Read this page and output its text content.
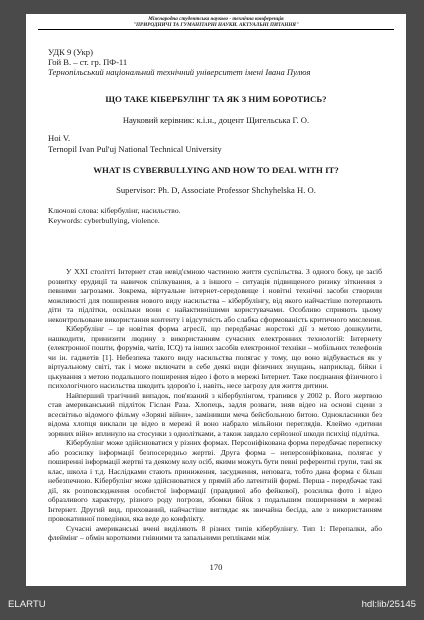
Міжнародна студентська науково - технічна конференція
"ПРИРОДНИЧІ ТА ГУМАНІТАРНІ НАУКИ. АКТУАЛЬНІ ПИТАННЯ"
УДК 9 (Укр)
Гой В. – ст. гр. ПФ-11
Тернопільський національний технічний університет імені Івана Пулюя
ЩО ТАКЕ КІБЕРБУЛІНГ ТА ЯК З НИМ БОРОТИСЬ?
Науковий керівник: к.і.н., доцент Щигельська Г. О.
Hoi V.
Ternopil Ivan Pul'uj National Technical University
WHAT IS CYBERBULLYING AND HOW TO DEAL WITH IT?
Supervisor: Ph. D, Associate Professor Shchyhelska H. O.
Ключові слова: кібербулінг, насильство.
Keywords: cyberbullying, violence.

У XXI столітті Інтернет став невід'ємною частиною життя суспільства. З одного боку, це засіб розвитку ерудиції та навичок спілкування, а з іншого – ситуація підвищеного ризику зіткнення з певними загрозами. Зокрема, віртуальне інтернет-середовище і новітні технічні засоби створили можливості для поширення нового виду насильства – кібербулінгу, від якого найчастіше потерпають діти та підлітки, оскільки вони є найактивнішими користувачами. Особливо сприяють цьому неконтрольоване використання контенту і відсутність або слабка сформованість критичного мислення.

Кібербулінг – це новітня форма агресії, що передбачає жорстокі дії з метою дошкулити, нашкодити, принизити людину з використанням сучасних електронних технологій: Інтернету (електронної пошти, форумів, чатів, ICQ) та інших засобів електронної техніки – мобільних телефонів чи ін. гаджетів [1]. Небезпека такого виду насильства полягає у тому, що воно відбувається як у віртуальному світі, так і може включати в себе деякі види фізичних знущань, наприклад, бійки і цькування з метою подальшого поширення відео і фото в мережі Інтернет. Таке поєднання фізичного і психологічного насильства шкодить здоров'ю і, навіть, несе загрозу для життя дитини.

Найперший трагічний випадок, пов'язаний з кібербулінгом, трапився у 2002 р. Його жертвою став американський підліток Гіслан Раза. Хлопець, задля розваги, зняв відео на основі сцени з всесвітньо відомого фільму «Зоряні війни», замінивши меча бейсбольною битою. Однокласники без відома хлопця виклали це відео в мережі й воно набрало мільйони переглядів. Клеймо «дитини зоряних війн» вплинуло на стосунки з однолітками, а також завдало серйозної шкоди психіці підлітка.

Кібербулінг може здійснюватися у різних формах. Персоніфікована форма передбачає переписку або розсилку інформації безпосередньо жертві. Друга форма – неперсоніфікована, полягає у поширенні інформації жертві та деякому колу осіб, якими можуть бути певні референтні групи, такі як клас, школа і т.д. Наслідками стають приниження, засудження, неповага, тобто дана форма є більш небезпечною. Кібербулінг може здійснюватися у прямій або латентній формі. Перша - передбачає такі дії, як розповсюдження особистої інформації (правдивої або фейкової), розсилка фото і відео образливого характеру, різного роду погрози, збомки бійок з подальшим поширенням в мережі Інтернет. Другий вид, прихований, найчастіше виглядає як звичайна бесіда, але з використанням провокативної поведінки, яка веде до конфлікту.

Сучасні американські вчені виділяють 8 різних типів кібербулінгу. Тип 1: Перепалки, або флеймінг – обмін короткими гнівними та запальними репліками між

170
ELARTU	hdl:lib/25145
